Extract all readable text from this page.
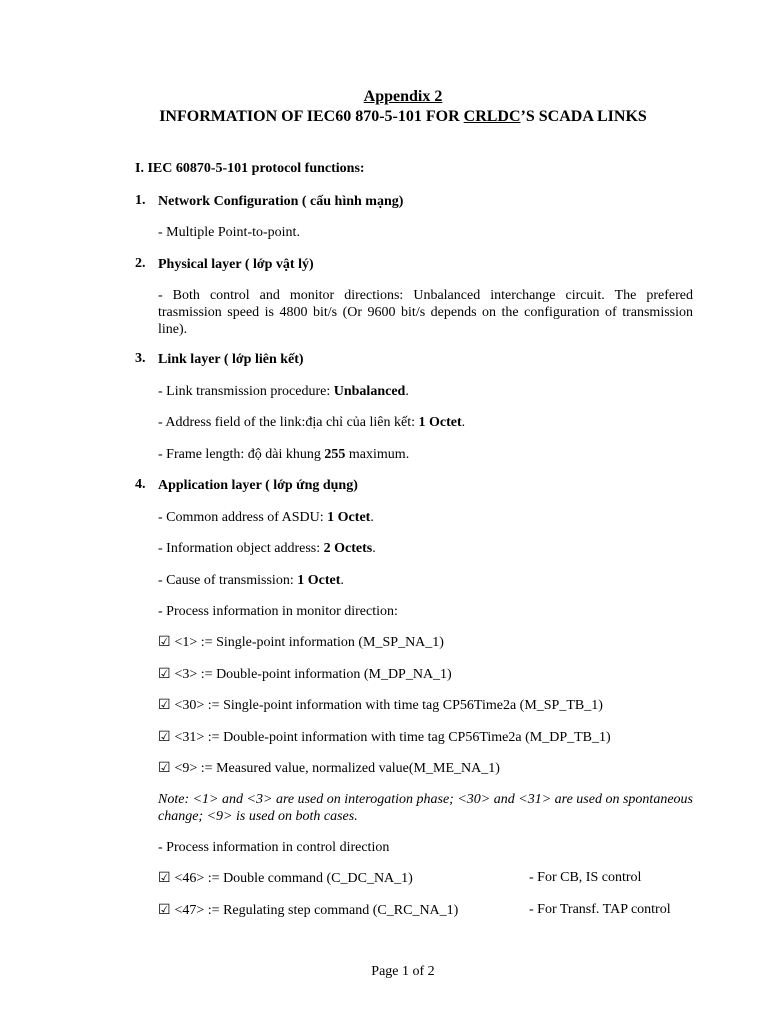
Appendix 2
INFORMATION OF IEC60 870-5-101 FOR CRLDC’S SCADA LINKS
I. IEC 60870-5-101 protocol functions:
1. Network Configuration ( cấu hình mạng)
- Multiple Point-to-point.
2. Physical layer ( lớp vật lý)
- Both control and monitor directions: Unbalanced interchange circuit. The prefered trasmission speed is 4800 bit/s (Or 9600 bit/s depends on the configuration of transmission line).
3. Link layer ( lớp liên kết)
- Link transmission procedure: Unbalanced.
- Address field of the link:địa chỉ của liên kết: 1 Octet.
- Frame length: độ dài khung 255 maximum.
4. Application layer ( lớp ứng dụng)
- Common address of ASDU: 1 Octet.
- Information object address: 2 Octets.
- Cause of transmission: 1 Octet.
- Process information in monitor direction:
☑ <1> := Single-point information (M_SP_NA_1)
☑ <3> := Double-point information (M_DP_NA_1)
☑ <30> := Single-point information with time tag CP56Time2a (M_SP_TB_1)
☑ <31> := Double-point information with time tag CP56Time2a (M_DP_TB_1)
☑ <9> := Measured value, normalized value(M_ME_NA_1)
Note: <1> and <3> are used on interogation phase; <30> and <31> are used on spontaneous change; <9> is used on both cases.
- Process information in control direction
☑ <46> := Double command (C_DC_NA_1)	- For CB, IS control
☑ <47> := Regulating step command (C_RC_NA_1)	- For Transf. TAP control
Page 1 of 2
